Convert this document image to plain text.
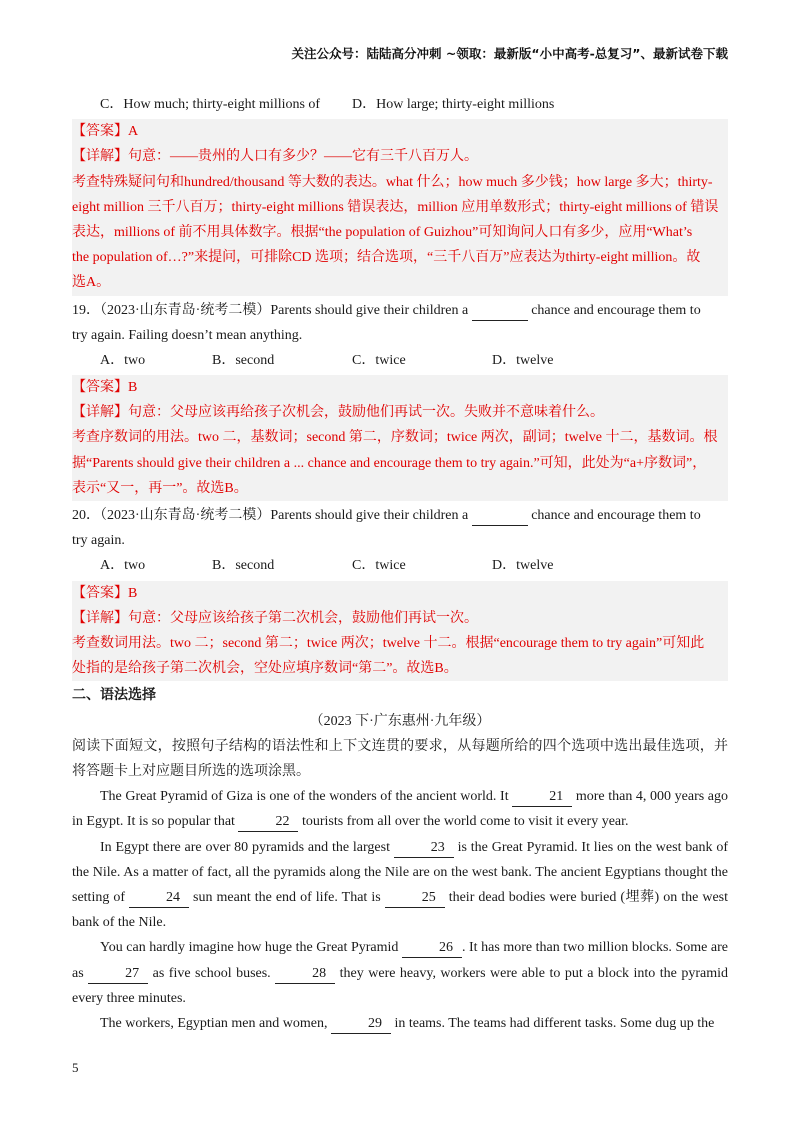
关注公众号：陆陆高分冲刺 ~领取：最新版“小中高考-总复习”、最新试卷下载
C．How much; thirty-eight millions of	D．How large; thirty-eight millions
【答案】A
【详解】句意：——贵州的人口有多少？——它有三千八百万人。
考查特殊疑问句和hundred/thousand 等大数的表达。what 什么；how much 多少钱；how large 多大；thirty-
eight million 三千八百万；thirty-eight millions 错误表达，million 应用单数形式；thirty-eight millions of 错误
表达，millions of 前不用具体数字。根据“the population of Guizhou”可知询问人口有多少，应用“What’s
the population of…?”来提问，可排除CD 选项；结合选项，“三千八百万”应表达为thirty-eight million。故
选A。
19．（2023·山东青岛·统考二模）Parents should give their children a	chance and encourage them to
try again. Failing doesn’t mean anything.
A．two	B．second	C．twice	D．twelve
【答案】B
【详解】句意：父母应该再给孩子次机会，鼓励他们再试一次。失败并不意味着什么。
考查序数词的用法。two 二，基数词；second 第二，序数词；twice 两次，副词；twelve 十二，基数词。根
据“Parents should give their children a ... chance and encourage them to try again.”可知，此处为“a+序数词”，
表示“又一，再一”。故选B。
20．（2023·山东青岛·统考二模）Parents should give their children a	chance and encourage them to
try again.
A．two	B．second	C．twice	D．twelve
【答案】B
【详解】句意：父母应该给孩子第二次机会，鼓励他们再试一次。
考查数词用法。two 二；second 第二；twice 两次；twelve 十二。根据“encourage them to try again”可知此
处指的是给孩子第二次机会，空处应填序数词“第二”。故选B。
二、语法选择
（2023 下·广东惠州·九年级）
阅读下面短文，按照句子结构的语法性和上下文连贯的要求，从每题所给的四个选项中选出最佳选项，并将答题卡上对应题目所选的选项涂黑。
The Great Pyramid of Giza is one of the wonders of the ancient world. It	21 more than 4, 000 years ago in Egypt. It is so popular that	22 tourists from all over the world come to visit it every year.
In Egypt there are over 80 pyramids and the largest	23 is the Great Pyramid. It lies on the west bank of the Nile. As a matter of fact, all the pyramids along the Nile are on the west bank. The ancient Egyptians thought the setting of	24 sun meant the end of life. That is	25 their dead bodies were buried (埋葬) on the west bank of the Nile.
You can hardly imagine how huge the Great Pyramid	26 . It has more than two million blocks. Some are as	27 as five school buses.	28 they were heavy, workers were able to put a block into the pyramid every three minutes.
The workers, Egyptian men and women,	29 in teams. The teams had different tasks. Some dug up the
5
